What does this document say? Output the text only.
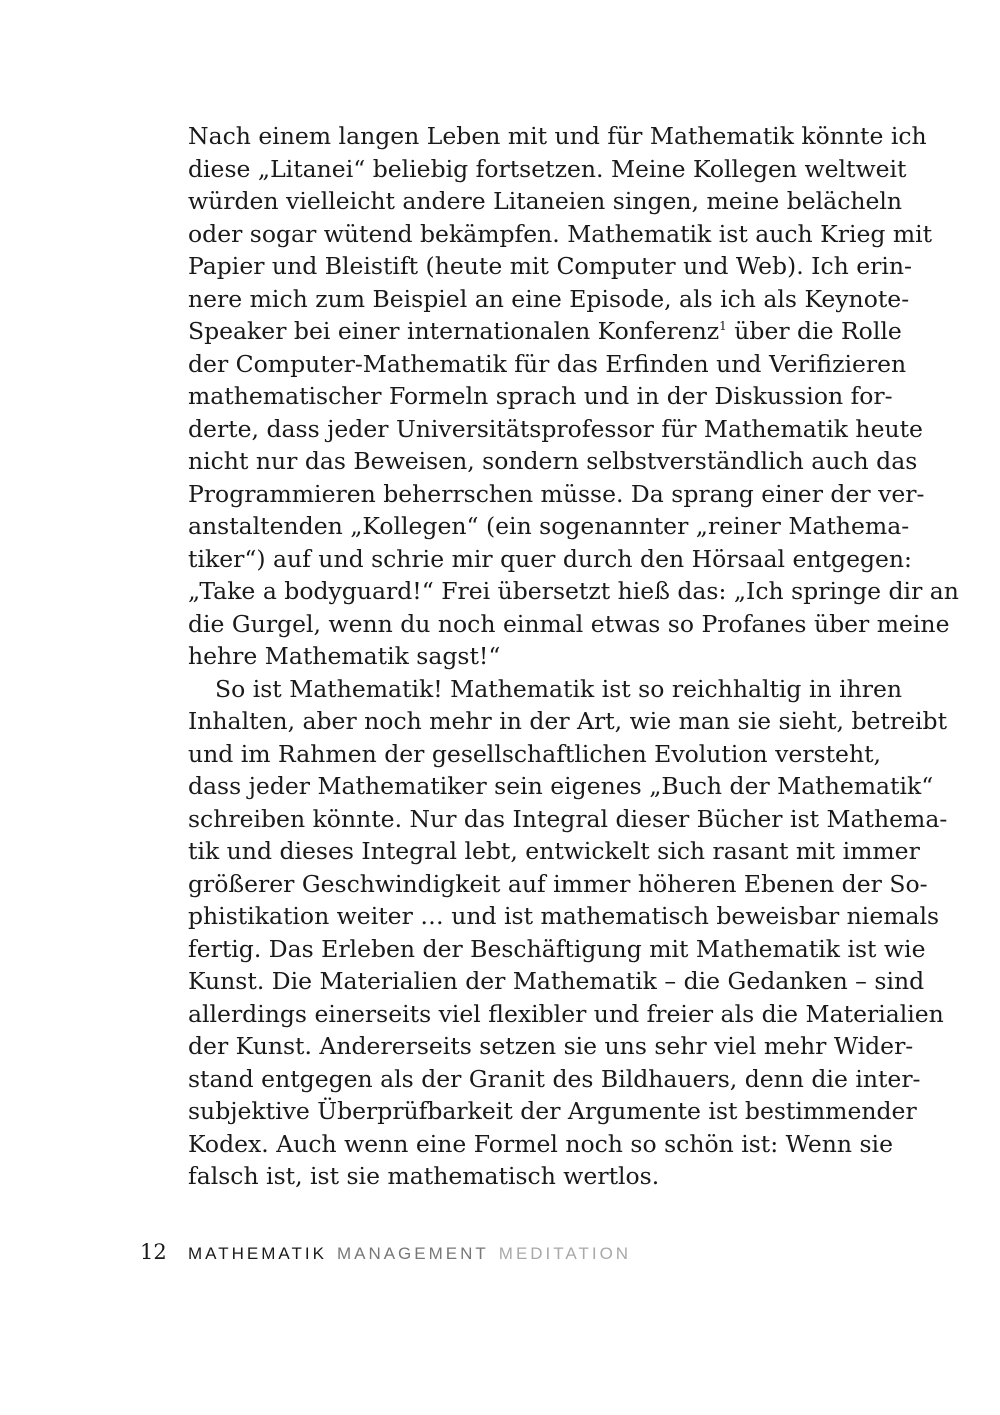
Nach einem langen Leben mit und für Mathematik könnte ich
diese „Litanei“ beliebig fortsetzen. Meine Kollegen weltweit
würden vielleicht andere Litaneien singen, meine belächeln
oder sogar wütend bekämpfen. Mathematik ist auch Krieg mit
Papier und Bleistift (heute mit Computer und Web). Ich erin-
nere mich zum Beispiel an eine Episode, als ich als Keynote-
Speaker bei einer internationalen Konferenz$^1$ über die Rolle
der Computer-Mathematik für das Erfinden und Verifizieren
mathematischer Formeln sprach und in der Diskussion for-
derte, dass jeder Universitätsprofessor für Mathematik heute
nicht nur das Beweisen, sondern selbstverständlich auch das
Programmieren beherrschen müsse. Da sprang einer der ver-
anstaltenden „Kollegen“ (ein sogenannter „reiner Mathema-
tiker“) auf und schrie mir quer durch den Hörsaal entgegen:
„Take a bodyguard!“ Frei übersetzt hieß das: „Ich springe dir an
die Gurgel, wenn du noch einmal etwas so Profanes über meine
hehre Mathematik sagst!“
So ist Mathematik! Mathematik ist so reichhaltig in ihren
Inhalten, aber noch mehr in der Art, wie man sie sieht, betreibt
und im Rahmen der gesellschaftlichen Evolution versteht,
dass jeder Mathematiker sein eigenes „Buch der Mathematik“
schreiben könnte. Nur das Integral dieser Bücher ist Mathema-
tik und dieses Integral lebt, entwickelt sich rasant mit immer
größerer Geschwindigkeit auf immer höheren Ebenen der So-
phistikation weiter … und ist mathematisch beweisbar niemals
fertig. Das Erleben der Beschäftigung mit Mathematik ist wie
Kunst. Die Materialien der Mathematik – die Gedanken – sind
allerdings einerseits viel flexibler und freier als die Materialien
der Kunst. Andererseits setzen sie uns sehr viel mehr Wider-
stand entgegen als der Granit des Bildhauers, denn die inter-
subjektive Überprüfbarkeit der Argumente ist bestimmender
Kodex. Auch wenn eine Formel noch so schön ist: Wenn sie
falsch ist, ist sie mathematisch wertlos.
12	MATHEMATIK MANAGEMENT MEDITATION
